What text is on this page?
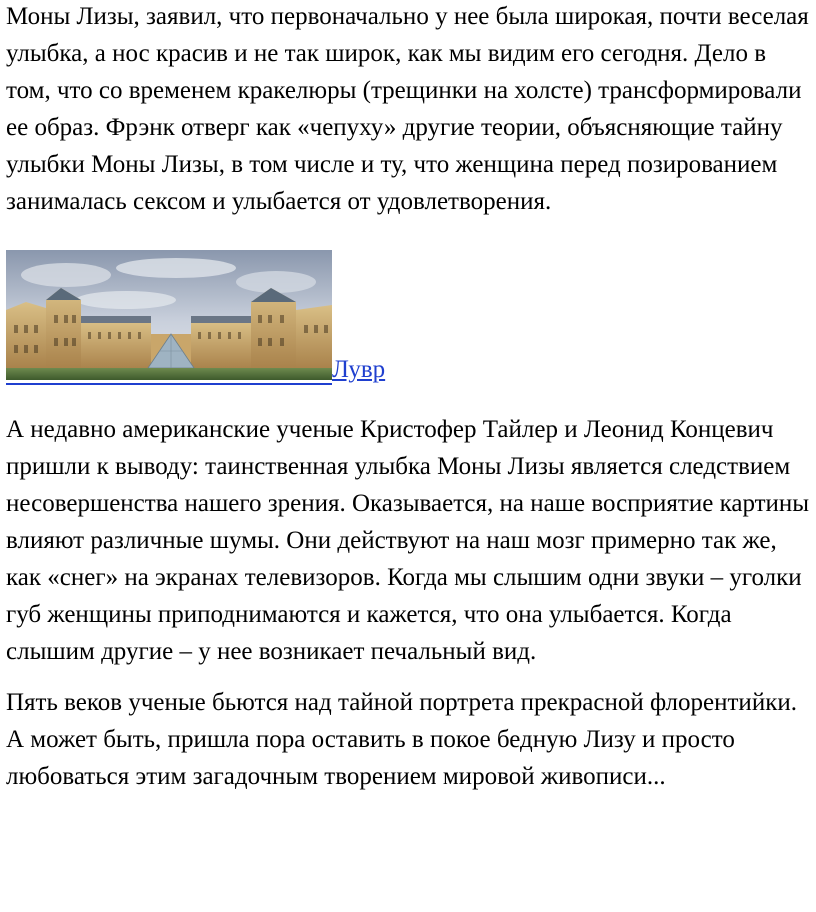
Моны Лизы, заявил, что первоначально у нее была широкая, почти веселая улыбка, а нос красив и не так широк, как мы видим его сегодня. Дело в том, что со временем кракелюры (трещинки на холсте) трансформировали ее образ. Фрэнк отверг как «чепуху» другие теории, объясняющие тайну улыбки Моны Лизы, в том числе и ту, что женщина перед позированием занималась сексом и улыбается от удовлетворения.

Лувр

А недавно американские ученые Кристофер Тайлер и Леонид Концевич пришли к выводу: таинственная улыбка Моны Лизы является следствием несовершенства нашего зрения. Оказывается, на наше восприятие картины влияют различные шумы. Они действуют на наш мозг примерно так же, как «снег» на экранах телевизоров. Когда мы слышим одни звуки – уголки губ женщины приподнимаются и кажется, что она улыбается. Когда слышим другие – у нее возникает печальный вид.

Пять веков ученые бьются над тайной портрета прекрасной флорентийки. А может быть, пришла пора оставить в покое бедную Лизу и просто любоваться этим загадочным творением мировой живописи...
